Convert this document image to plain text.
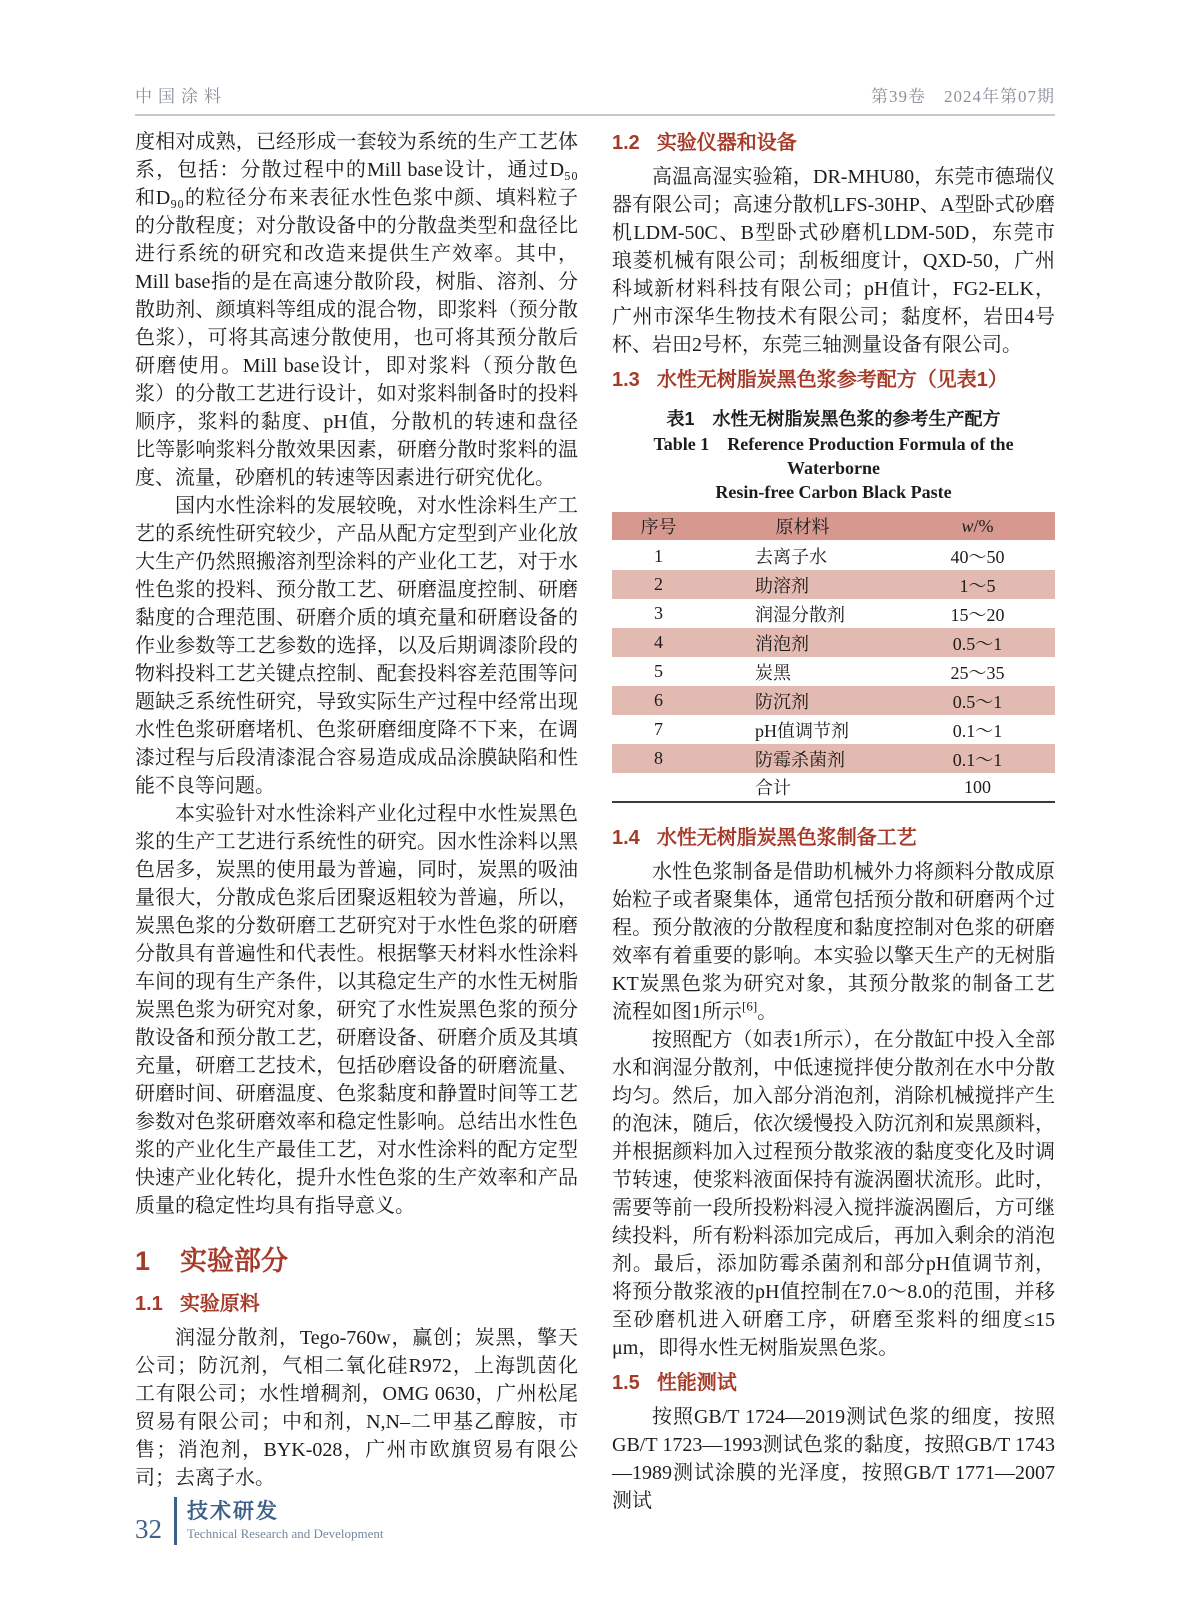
中国涂料	第39卷　2024年第07期

度相对成熟，已经形成一套较为系统的生产工艺体系，包括：分散过程中的Mill base设计，通过D₅₀和D₉₀的粒径分布来表征水性色浆中颜、填料粒子的分散程度；对分散设备中的分散盘类型和盘径比进行系统的研究和改造来提供生产效率。其中，Mill base指的是在高速分散阶段，树脂、溶剂、分散助剂、颜填料等组成的混合物，即浆料（预分散色浆），可将其高速分散使用，也可将其预分散后研磨使用。Mill base设计，即对浆料（预分散色浆）的分散工艺进行设计，如对浆料制备时的投料顺序，浆料的黏度、pH值，分散机的转速和盘径比等影响浆料分散效果因素，研磨分散时浆料的温度、流量，砂磨机的转速等因素进行研究优化。

国内水性涂料的发展较晚，对水性涂料生产工艺的系统性研究较少，产品从配方定型到产业化放大生产仍然照搬溶剂型涂料的产业化工艺，对于水性色浆的投料、预分散工艺、研磨温度控制、研磨黏度的合理范围、研磨介质的填充量和研磨设备的作业参数等工艺参数的选择，以及后期调漆阶段的物料投料工艺关键点控制、配套投料容差范围等问题缺乏系统性研究，导致实际生产过程中经常出现水性色浆研磨堵机、色浆研磨细度降不下来，在调漆过程与后段清漆混合容易造成成品涂膜缺陷和性能不良等问题。

本实验针对水性涂料产业化过程中水性炭黑色浆的生产工艺进行系统性的研究。因水性涂料以黑色居多，炭黑的使用最为普遍，同时，炭黑的吸油量很大，分散成色浆后团聚返粗较为普遍，所以，炭黑色浆的分数研磨工艺研究对于水性色浆的研磨分散具有普遍性和代表性。根据擎天材料水性涂料车间的现有生产条件，以其稳定生产的水性无树脂炭黑色浆为研究对象，研究了水性炭黑色浆的预分散设备和预分散工艺，研磨设备、研磨介质及其填充量，研磨工艺技术，包括砂磨设备的研磨流量、研磨时间、研磨温度、色浆黏度和静置时间等工艺参数对色浆研磨效率和稳定性影响。总结出水性色浆的产业化生产最佳工艺，对水性涂料的配方定型快速产业化转化，提升水性色浆的生产效率和产品质量的稳定性均具有指导意义。

1 实验部分
1.1 实验原料

润湿分散剂，Tego-760w，赢创；炭黑，擎天公司；防沉剂，气相二氧化硅R972，上海凯茵化工有限公司；水性增稠剂，OMG 0630，广州松尾贸易有限公司；中和剂，N,N–二甲基乙醇胺，市售；消泡剂，BYK-028，广州市欧旗贸易有限公司；去离子水。

1.2 实验仪器和设备

高温高湿实验箱，DR-MHU80，东莞市德瑞仪器有限公司；高速分散机LFS-30HP、A型卧式砂磨机LDM-50C、B型卧式砂磨机LDM-50D，东莞市琅菱机械有限公司；刮板细度计，QXD-50，广州科域新材料科技有限公司；pH值计，FG2-ELK，广州市深华生物技术有限公司；黏度杯，岩田4号杯、岩田2号杯，东莞三轴测量设备有限公司。

1.3 水性无树脂炭黑色浆参考配方（见表1）
表1　水性无树脂炭黑色浆的参考生产配方
Table 1　Reference Production Formula of the Waterborne
Resin-free Carbon Black Paste
序号	原材料	w/%
1	去离子水	40～50
2	助溶剂	1～5
3	润湿分散剂	15～20
4	消泡剂	0.5～1
5	炭黑	25～35
6	防沉剂	0.5～1
7	pH值调节剂	0.1～1
8	防霉杀菌剂	0.1～1
	合计	100
1.4 水性无树脂炭黑色浆制备工艺

水性色浆制备是借助机械外力将颜料分散成原始粒子或者聚集体，通常包括预分散和研磨两个过程。预分散液的分散程度和黏度控制对色浆的研磨效率有着重要的影响。本实验以擎天生产的无树脂KT炭黑色浆为研究对象，其预分散浆的制备工艺流程如图1所示[6]。

按照配方（如表1所示），在分散缸中投入全部水和润湿分散剂，中低速搅拌使分散剂在水中分散均匀。然后，加入部分消泡剂，消除机械搅拌产生的泡沫，随后，依次缓慢投入防沉剂和炭黑颜料，并根据颜料加入过程预分散浆液的黏度变化及时调节转速，使浆料液面保持有漩涡圈状流形。此时，需要等前一段所投粉料浸入搅拌漩涡圈后，方可继续投料，所有粉料添加完成后，再加入剩余的消泡剂。最后，添加防霉杀菌剂和部分pH值调节剂，将预分散浆液的pH值控制在7.0～8.0的范围，并移至砂磨机进入研磨工序，研磨至浆料的细度≤15 μm，即得水性无树脂炭黑色浆。

1.5 性能测试

按照GB/T 1724—2019测试色浆的细度，按照GB/T 1723—1993测试色浆的黏度，按照GB/T 1743—1989测试涂膜的光泽度，按照GB/T 1771—2007测试

32
技术研发
Technical Research and Development
